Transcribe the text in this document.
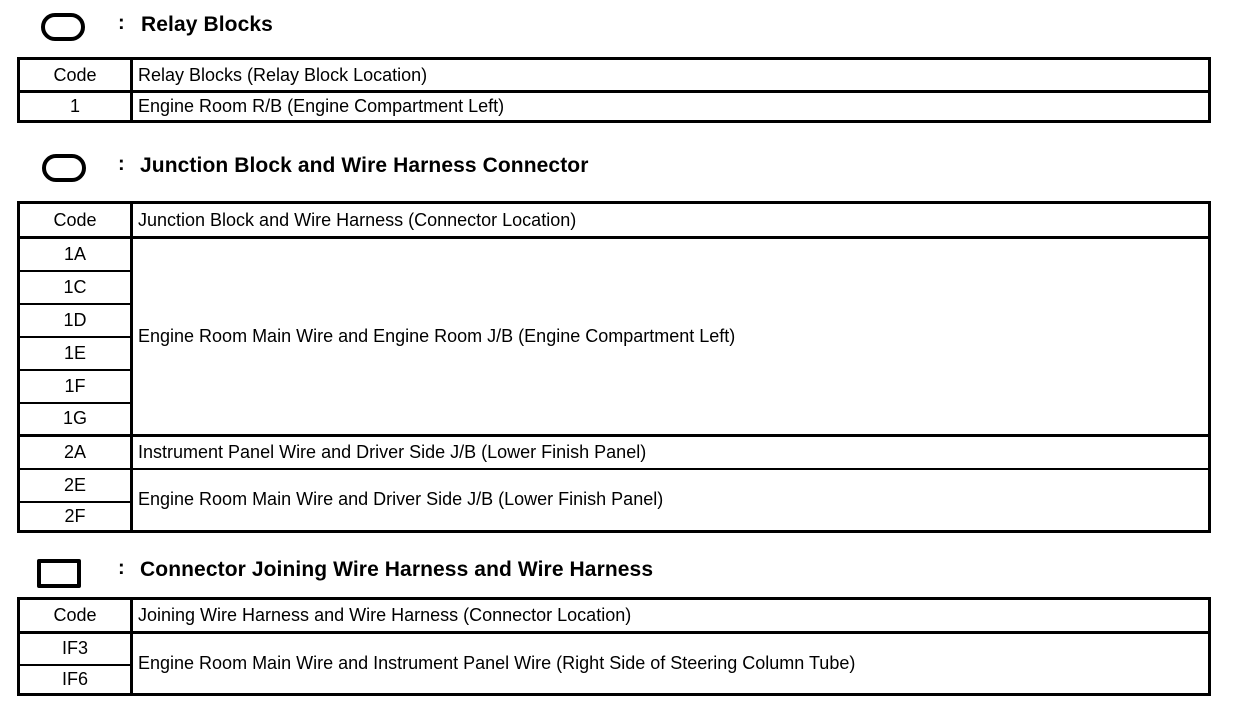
: Relay Blocks
Code	Relay Blocks (Relay Block Location)
1	Engine Room R/B (Engine Compartment Left)
: Junction Block and Wire Harness Connector
Code	Junction Block and Wire Harness (Connector Location)
1A	Engine Room Main Wire and Engine Room J/B (Engine Compartment Left)
1C	
1D	
1E	
1F	
1G	
2A	Instrument Panel Wire and Driver Side J/B (Lower Finish Panel)
2E	Engine Room Main Wire and Driver Side J/B (Lower Finish Panel)
2F	
: Connector Joining Wire Harness and Wire Harness
Code	Joining Wire Harness and Wire Harness (Connector Location)
IF3	Engine Room Main Wire and Instrument Panel Wire (Right Side of Steering Column Tube)
IF6	
